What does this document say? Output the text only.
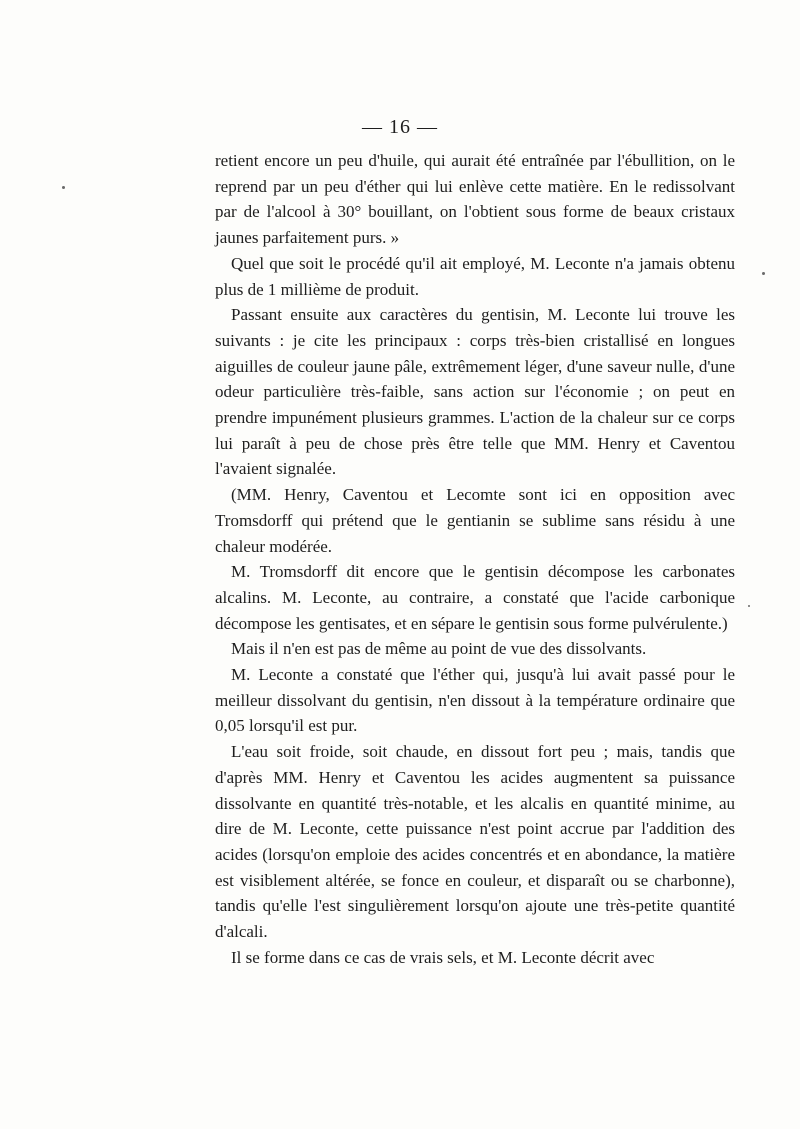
— 16 —

retient encore un peu d'huile, qui aurait été entraînée par l'ébullition, on le reprend par un peu d'éther qui lui enlève cette matière. En le redissolvant par de l'alcool à 30° bouillant, on l'obtient sous forme de beaux cristaux jaunes parfaitement purs. »

Quel que soit le procédé qu'il ait employé, M. Leconte n'a jamais obtenu plus de 1 millième de produit.

Passant ensuite aux caractères du gentisin, M. Leconte lui trouve les suivants : je cite les principaux : corps très-bien cristallisé en longues aiguilles de couleur jaune pâle, extrêmement léger, d'une saveur nulle, d'une odeur particulière très-faible, sans action sur l'économie ; on peut en prendre impunément plusieurs grammes. L'action de la chaleur sur ce corps lui paraît à peu de chose près être telle que MM. Henry et Caventou l'avaient signalée.

(MM. Henry, Caventou et Lecomte sont ici en opposition avec Tromsdorff qui prétend que le gentianin se sublime sans résidu à une chaleur modérée.

M. Tromsdorff dit encore que le gentisin décompose les carbonates alcalins. M. Leconte, au contraire, a constaté que l'acide carbonique décompose les gentisates, et en sépare le gentisin sous forme pulvérulente.)

Mais il n'en est pas de même au point de vue des dissolvants.

M. Leconte a constaté que l'éther qui, jusqu'à lui avait passé pour le meilleur dissolvant du gentisin, n'en dissout à la température ordinaire que 0,05 lorsqu'il est pur.

L'eau soit froide, soit chaude, en dissout fort peu ; mais, tandis que d'après MM. Henry et Caventou les acides augmentent sa puissance dissolvante en quantité très-notable, et les alcalis en quantité minime, au dire de M. Leconte, cette puissance n'est point accrue par l'addition des acides (lorsqu'on emploie des acides concentrés et en abondance, la matière est visiblement altérée, se fonce en couleur, et disparaît ou se charbonne), tandis qu'elle l'est singulièrement lorsqu'on ajoute une très-petite quantité d'alcali.

Il se forme dans ce cas de vrais sels, et M. Leconte décrit avec
